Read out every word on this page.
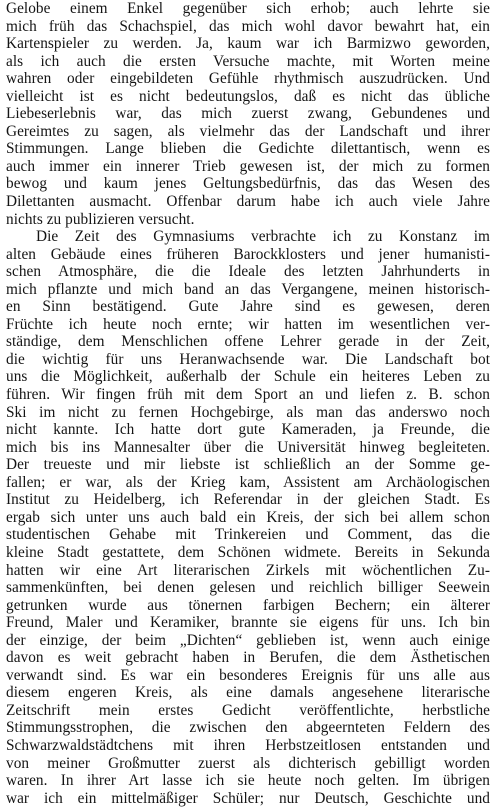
Gelobe einem Enkel gegenüber sich erhob; auch lehrte sie
mich früh das Schachspiel, das mich wohl davor bewahrt hat, ein
Kartenspieler zu werden. Ja, kaum war ich Barmizwo geworden,
als ich auch die ersten Versuche machte, mit Worten meine
wahren oder eingebildeten Gefühle rhythmisch auszudrücken. Und
vielleicht ist es nicht bedeutungslos, daß es nicht das übliche
Liebeserlebnis war, das mich zuerst zwang, Gebundenes und
Gereimtes zu sagen, als vielmehr das der Landschaft und ihrer
Stimmungen. Lange blieben die Gedichte dilettantisch, wenn es
auch immer ein innerer Trieb gewesen ist, der mich zu formen
bewog und kaum jenes Geltungsbedürfnis, das das Wesen des
Dilettanten ausmacht. Offenbar darum habe ich auch viele Jahre
nichts zu publizieren versucht.
Die Zeit des Gymnasiums verbrachte ich zu Konstanz im
alten Gebäude eines früheren Barockklosters und jener humanisti-
schen Atmosphäre, die die Ideale des letzten Jahrhunderts in
mich pflanzte und mich band an das Vergangene, meinen historisch-
en Sinn bestätigend. Gute Jahre sind es gewesen, deren
Früchte ich heute noch ernte; wir hatten im wesentlichen ver-
ständige, dem Menschlichen offene Lehrer gerade in der Zeit,
die wichtig für uns Heranwachsende war. Die Landschaft bot
uns die Möglichkeit, außerhalb der Schule ein heiteres Leben zu
führen. Wir fingen früh mit dem Sport an und liefen z. B. schon
Ski im nicht zu fernen Hochgebirge, als man das anderswo noch
nicht kannte. Ich hatte dort gute Kameraden, ja Freunde, die
mich bis ins Mannesalter über die Universität hinweg begleiteten.
Der treueste und mir liebste ist schließlich an der Somme ge-
fallen; er war, als der Krieg kam, Assistent am Archäologischen
Institut zu Heidelberg, ich Referendar in der gleichen Stadt. Es
ergab sich unter uns auch bald ein Kreis, der sich bei allem schon
studentischen Gehabe mit Trinkereien und Comment, das die
kleine Stadt gestattete, dem Schönen widmete. Bereits in Sekunda
hatten wir eine Art literarischen Zirkels mit wöchentlichen Zu-
sammenkünften, bei denen gelesen und reichlich billiger Seewein
getrunken wurde aus tönernen farbigen Bechern; ein älterer
Freund, Maler und Keramiker, brannte sie eigens für uns. Ich bin
der einzige, der beim „Dichten“ geblieben ist, wenn auch einige
davon es weit gebracht haben in Berufen, die dem Ästhetischen
verwandt sind. Es war ein besonderes Ereignis für uns alle aus
diesem engeren Kreis, als eine damals angesehene literarische
Zeitschrift mein erstes Gedicht veröffentlichte, herbstliche
Stimmungsstrophen, die zwischen den abgeernteten Feldern des
Schwarzwaldstädtchens mit ihren Herbstzeitlosen entstanden und
von meiner Großmutter zuerst als dichterisch gebilligt worden
waren. In ihrer Art lasse ich sie heute noch gelten. Im übrigen
war ich ein mittelmäßiger Schüler; nur Deutsch, Geschichte und
